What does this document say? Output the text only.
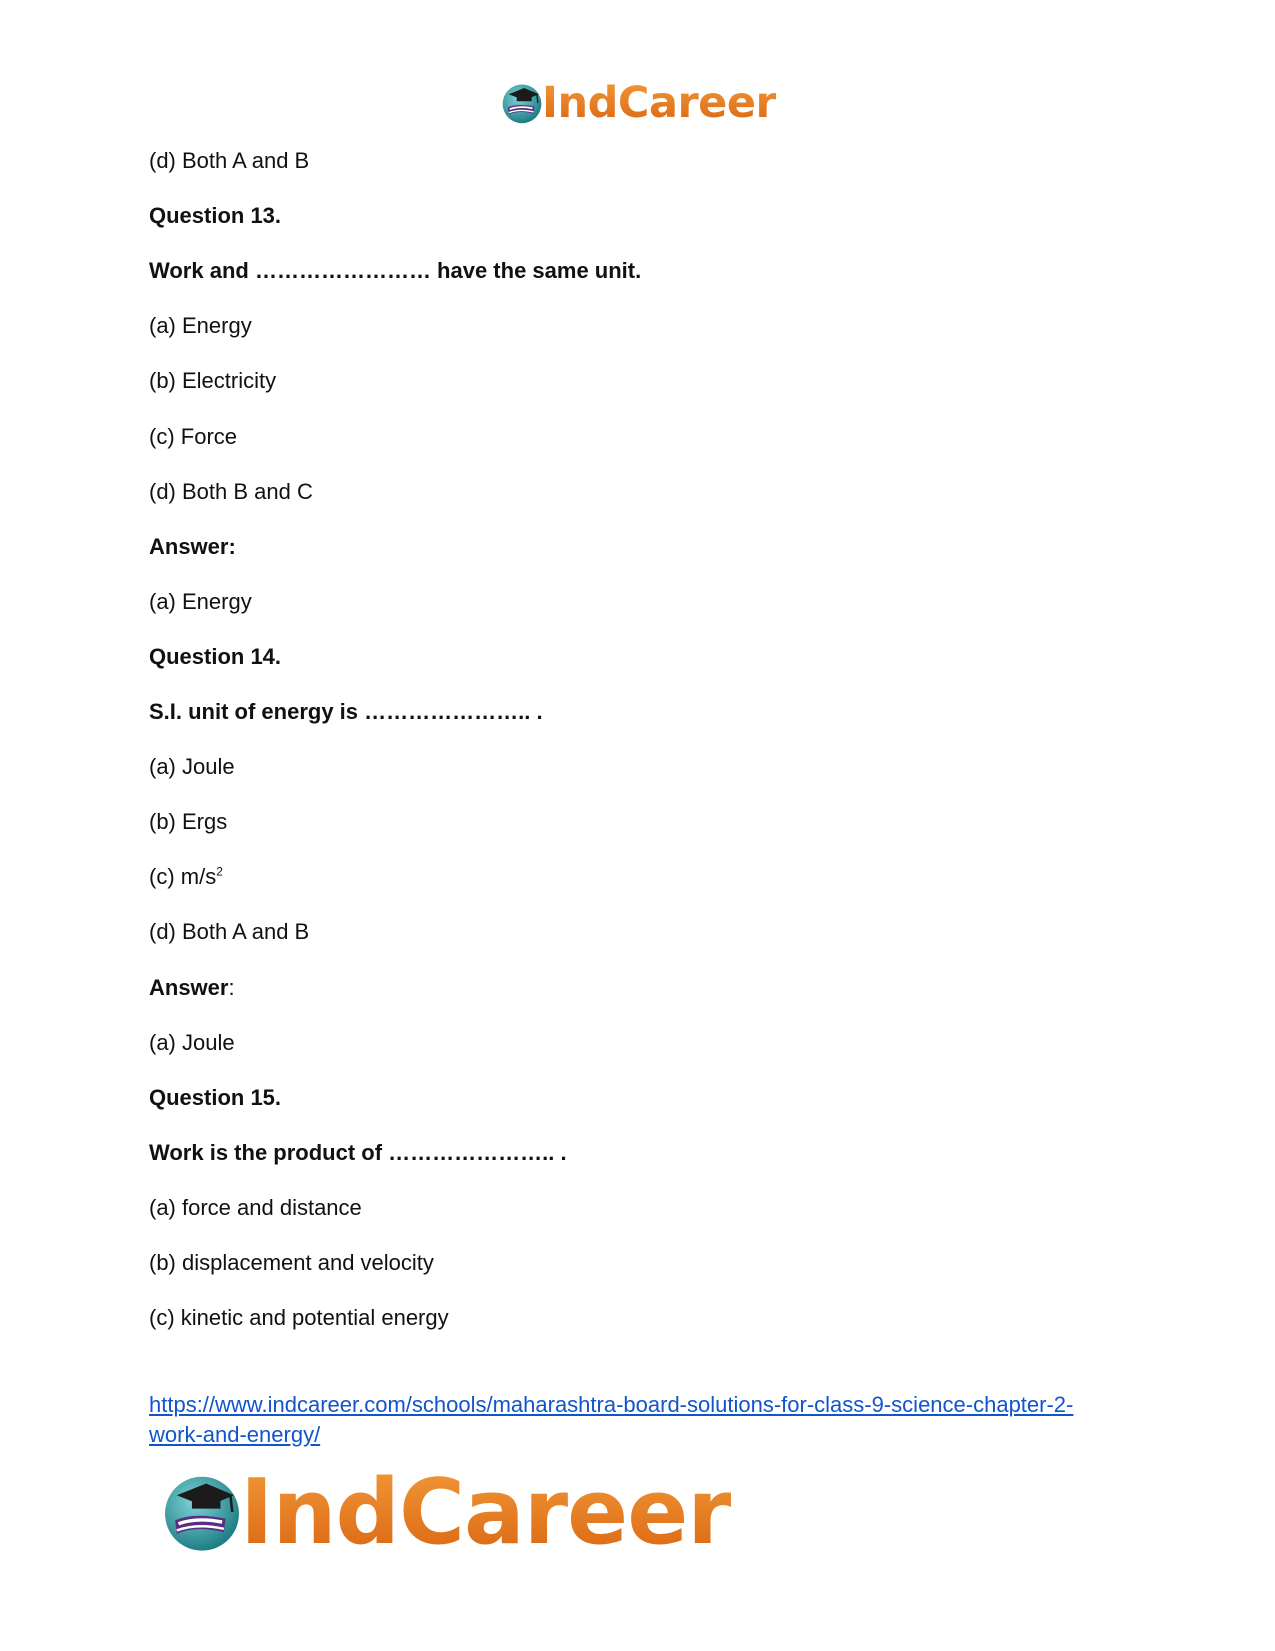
IndCareer
(d) Both A and B
Question 13.
Work and …………………… have the same unit.
(a) Energy
(b) Electricity
(c) Force
(d) Both B and C
Answer:
(a) Energy
Question 14.
S.I. unit of energy is ………………….. .
(a) Joule
(b) Ergs
(c) $m/s^2$
(d) Both A and B
Answer:
(a) Joule
Question 15.
Work is the product of ………………….. .
(a) force and distance
(b) displacement and velocity
(c) kinetic and potential energy
https://www.indcareer.com/schools/maharashtra-board-solutions-for-class-9-science-chapter-2-work-and-energy/
IndCareer
